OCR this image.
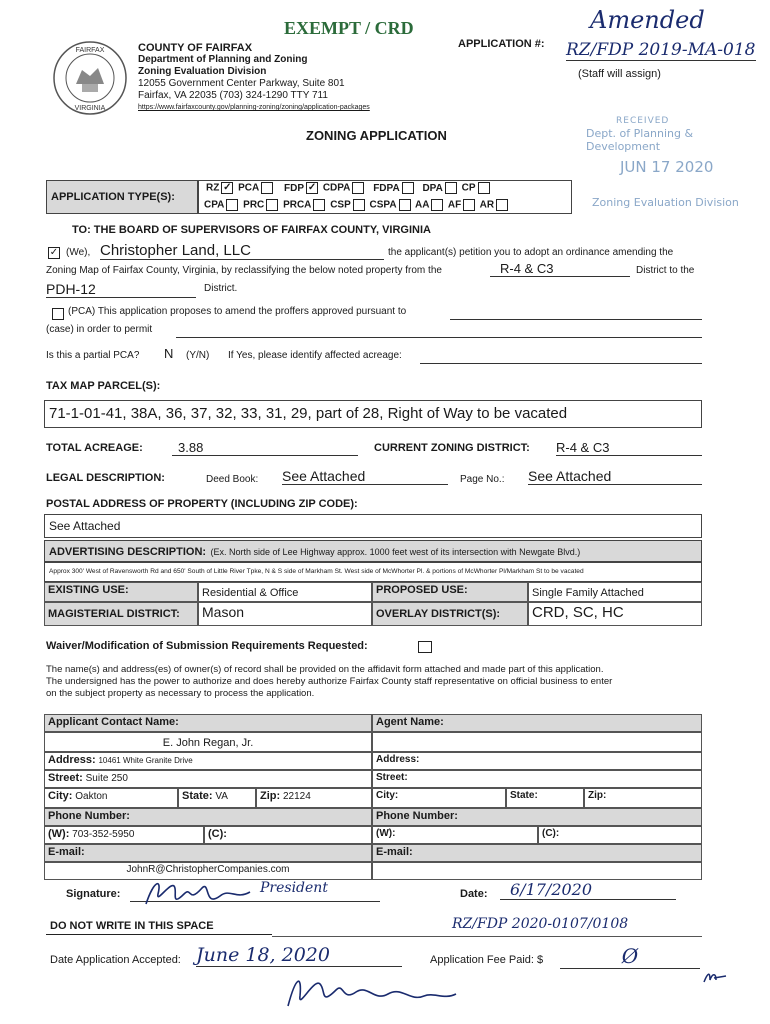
EXEMPT / CRD	Amended
FAIRFAX
VIRGINIA
COUNTY OF FAIRFAX
Department of Planning and Zoning
Zoning Evaluation Division
12055 Government Center Parkway, Suite 801
Fairfax, VA 22035 (703) 324-1290 TTY 711
https://www.fairfaxcounty.gov/planning-zoning/zoning/application-packages
APPLICATION #: RZ/FDP 2019-MA-018
(Staff will assign)
ZONING APPLICATION
RECEIVED
Dept. of Planning & Development
JUN 17 2020
Zoning Evaluation Division
APPLICATION TYPE(S):
RZ ✓ PCA FDP ✓ CDPA FDPA DPA CP
CPA PRC PRCA CSP CSPA AA AF AR
TO: THE BOARD OF SUPERVISORS OF FAIRFAX COUNTY, VIRGINIA
✓ (We), Christopher Land, LLC	the applicant(s) petition you to adopt an ordinance amending the
Zoning Map of Fairfax County, Virginia, by reclassifying the below noted property from the	R-4 & C3	District to the
PDH-12	District.
(PCA) This application proposes to amend the proffers approved pursuant to
(case) in order to permit
Is this a partial PCA? N (Y/N) If Yes, please identify affected acreage:
TAX MAP PARCEL(S):
71-1-01-41, 38A, 36, 37, 32, 33, 31, 29, part of 28, Right of Way to be vacated
TOTAL ACREAGE:	3.88	CURRENT ZONING DISTRICT: R-4 & C3
LEGAL DESCRIPTION:	Deed Book: See Attached	Page No.: See Attached
POSTAL ADDRESS OF PROPERTY (INCLUDING ZIP CODE):
See Attached
ADVERTISING DESCRIPTION: (Ex. North side of Lee Highway approx. 1000 feet west of its intersection with Newgate Blvd.)
Approx 300' West of Ravensworth Rd and 650' South of Little River Tpke, N & S side of Markham St. West side of McWhorter Pl. & portions of McWhorter Pl/Markham St to be vacated
EXISTING USE:	Residential & Office	PROPOSED USE:	Single Family Attached
MAGISTERIAL DISTRICT:	Mason	OVERLAY DISTRICT(S):	CRD, SC, HC
Waiver/Modification of Submission Requirements Requested:
The name(s) and address(es) of owner(s) of record shall be provided on the affidavit form attached and made part of this application.
The undersigned has the power to authorize and does hereby authorize Fairfax County staff representative on official business to enter
on the subject property as necessary to process the application.
Applicant Contact Name:
E. John Regan, Jr.
Address: 10461 White Granite Drive
Street: Suite 250
City: Oakton	State: VA	Zip: 22124
Phone Number:
(W): 703-352-5950	(C):
E-mail:
JohnR@ChristopherCompanies.com
Agent Name:
Address:
Street:
City:	State:	Zip:
Phone Number:
(W):	(C):
E-mail:
Signature:	President	Date:	6/17/2020
DO NOT WRITE IN THIS SPACE	RZ/FDP 2020-0107/0108
Date Application Accepted: June 18, 2020	Application Fee Paid: $	Ø
